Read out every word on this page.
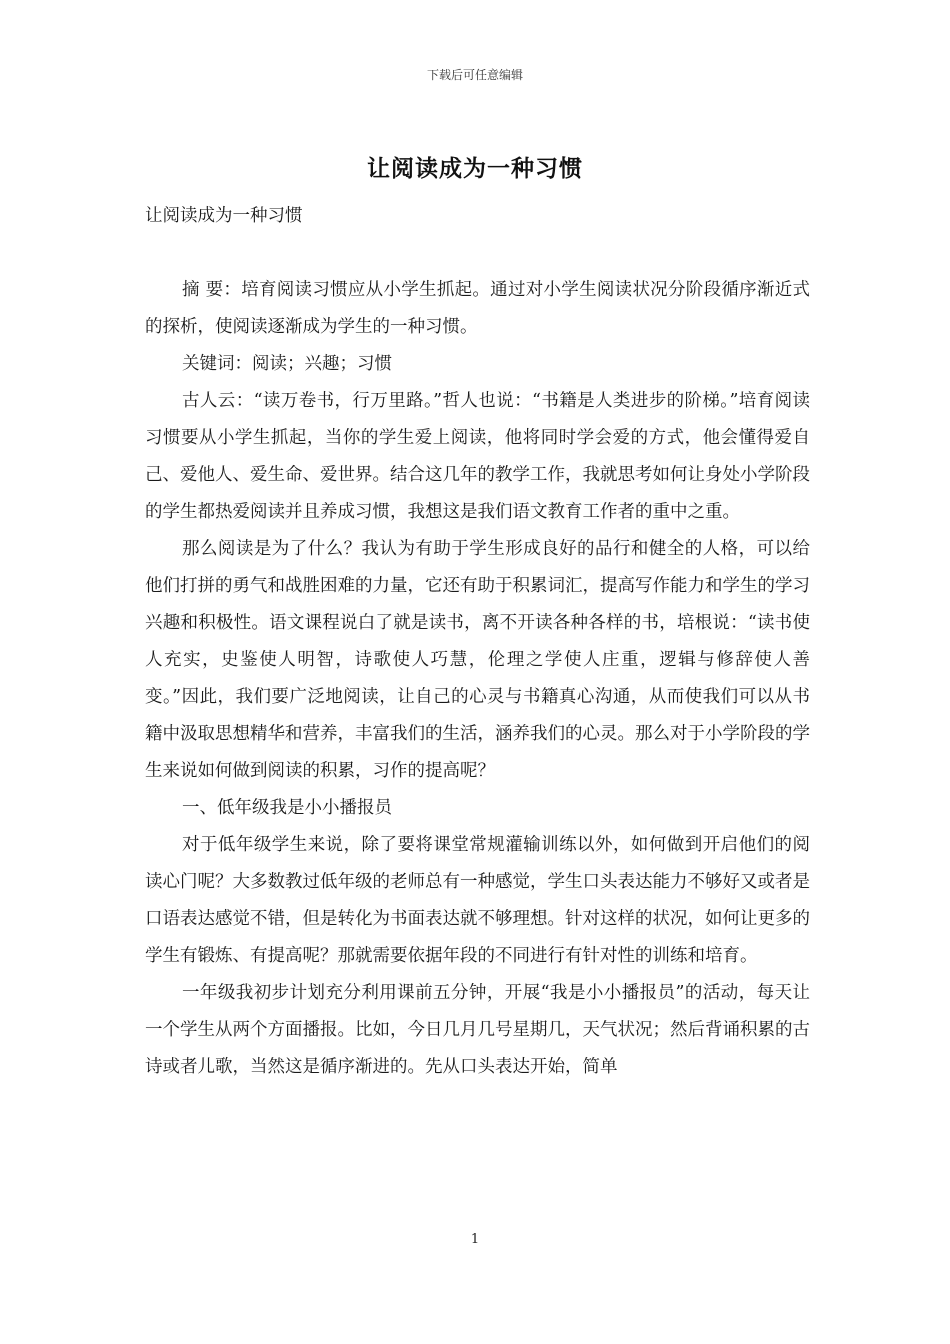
下载后可任意编辑
让阅读成为一种习惯

让阅读成为一种习惯

摘 要：培育阅读习惯应从小学生抓起。通过对小学生阅读状况分阶段循序渐近式的探析，使阅读逐渐成为学生的一种习惯。

关键词：阅读；兴趣；习惯

古人云：“读万卷书，行万里路。”哲人也说：“书籍是人类进步的阶梯。”培育阅读习惯要从小学生抓起，当你的学生爱上阅读，他将同时学会爱的方式，他会懂得爱自己、爱他人、爱生命、爱世界。结合这几年的教学工作，我就思考如何让身处小学阶段的学生都热爱阅读并且养成习惯，我想这是我们语文教育工作者的重中之重。

那么阅读是为了什么？我认为有助于学生形成良好的品行和健全的人格，可以给他们打拼的勇气和战胜困难的力量，它还有助于积累词汇，提高写作能力和学生的学习兴趣和积极性。语文课程说白了就是读书，离不开读各种各样的书，培根说：“读书使人充实，史鉴使人明智，诗歌使人巧慧，伦理之学使人庄重，逻辑与修辞使人善变。”因此，我们要广泛地阅读，让自己的心灵与书籍真心沟通，从而使我们可以从书籍中汲取思想精华和营养，丰富我们的生活，涵养我们的心灵。那么对于小学阶段的学生来说如何做到阅读的积累，习作的提高呢？

一、低年级我是小小播报员

对于低年级学生来说，除了要将课堂常规灌输训练以外，如何做到开启他们的阅读心门呢？大多数教过低年级的老师总有一种感觉，学生口头表达能力不够好又或者是口语表达感觉不错，但是转化为书面表达就不够理想。针对这样的状况，如何让更多的学生有锻炼、有提高呢？那就需要依据年段的不同进行有针对性的训练和培育。

一年级我初步计划充分利用课前五分钟，开展“我是小小播报员”的活动，每天让一个学生从两个方面播报。比如，今日几月几号星期几，天气状况；然后背诵积累的古诗或者儿歌，当然这是循序渐进的。先从口头表达开始，简单

1
